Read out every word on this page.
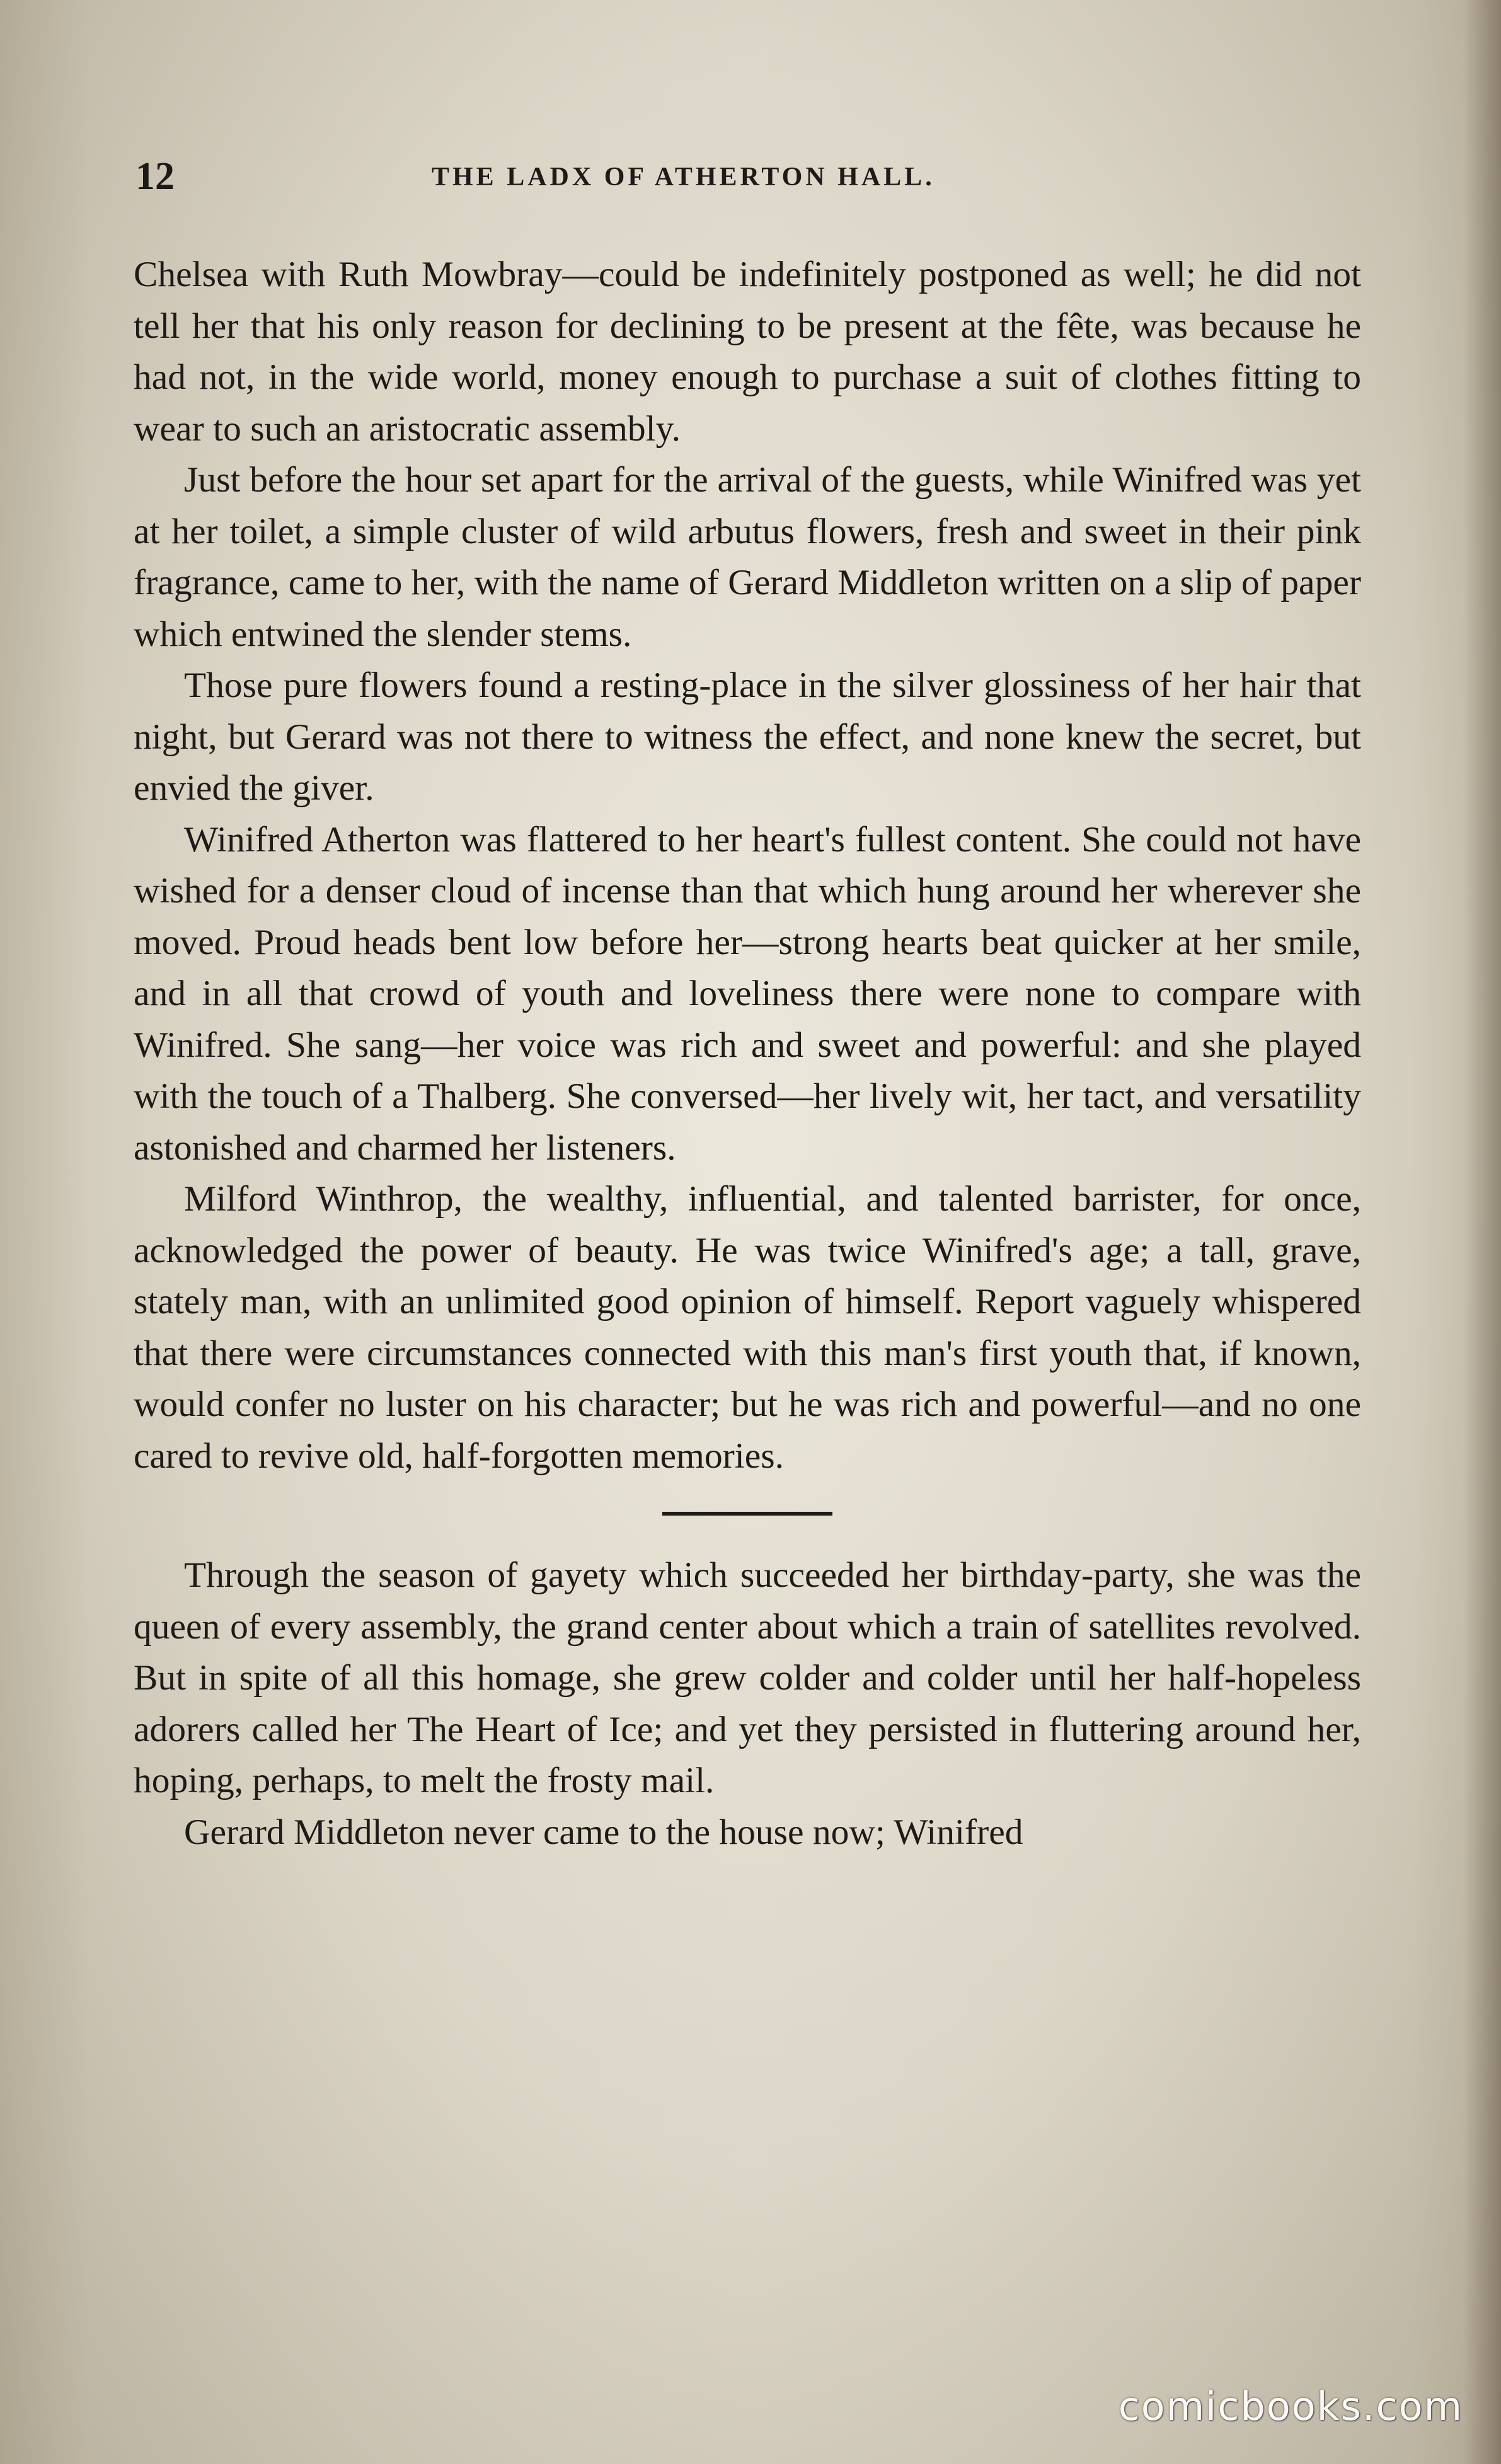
12	THE LADX OF ATHERTON HALL.

Chelsea with Ruth Mowbray—could be indefinitely postponed as well; he did not tell her that his only reason for declining to be present at the fête, was because he had not, in the wide world, money enough to purchase a suit of clothes fitting to wear to such an aristocratic assembly.

Just before the hour set apart for the arrival of the guests, while Winifred was yet at her toilet, a simple cluster of wild arbutus flowers, fresh and sweet in their pink fragrance, came to her, with the name of Gerard Middleton written on a slip of paper which entwined the slender stems.

Those pure flowers found a resting-place in the silver glossiness of her hair that night, but Gerard was not there to witness the effect, and none knew the secret, but envied the giver.

Winifred Atherton was flattered to her heart's fullest content. She could not have wished for a denser cloud of incense than that which hung around her wherever she moved. Proud heads bent low before her—strong hearts beat quicker at her smile, and in all that crowd of youth and loveliness there were none to compare with Winifred. She sang—her voice was rich and sweet and powerful: and she played with the touch of a Thalberg. She conversed—her lively wit, her tact, and versatility astonished and charmed her listeners.

Milford Winthrop, the wealthy, influential, and talented barrister, for once, acknowledged the power of beauty. He was twice Winifred's age; a tall, grave, stately man, with an unlimited good opinion of himself. Report vaguely whispered that there were circumstances connected with this man's first youth that, if known, would confer no luster on his character; but he was rich and powerful—and no one cared to revive old, half-forgotten memories.

Through the season of gayety which succeeded her birthday-party, she was the queen of every assembly, the grand center about which a train of satellites revolved. But in spite of all this homage, she grew colder and colder until her half-hopeless adorers called her The Heart of Ice; and yet they persisted in fluttering around her, hoping, perhaps, to melt the frosty mail.

Gerard Middleton never came to the house now; Winifred

comicbooks.com
